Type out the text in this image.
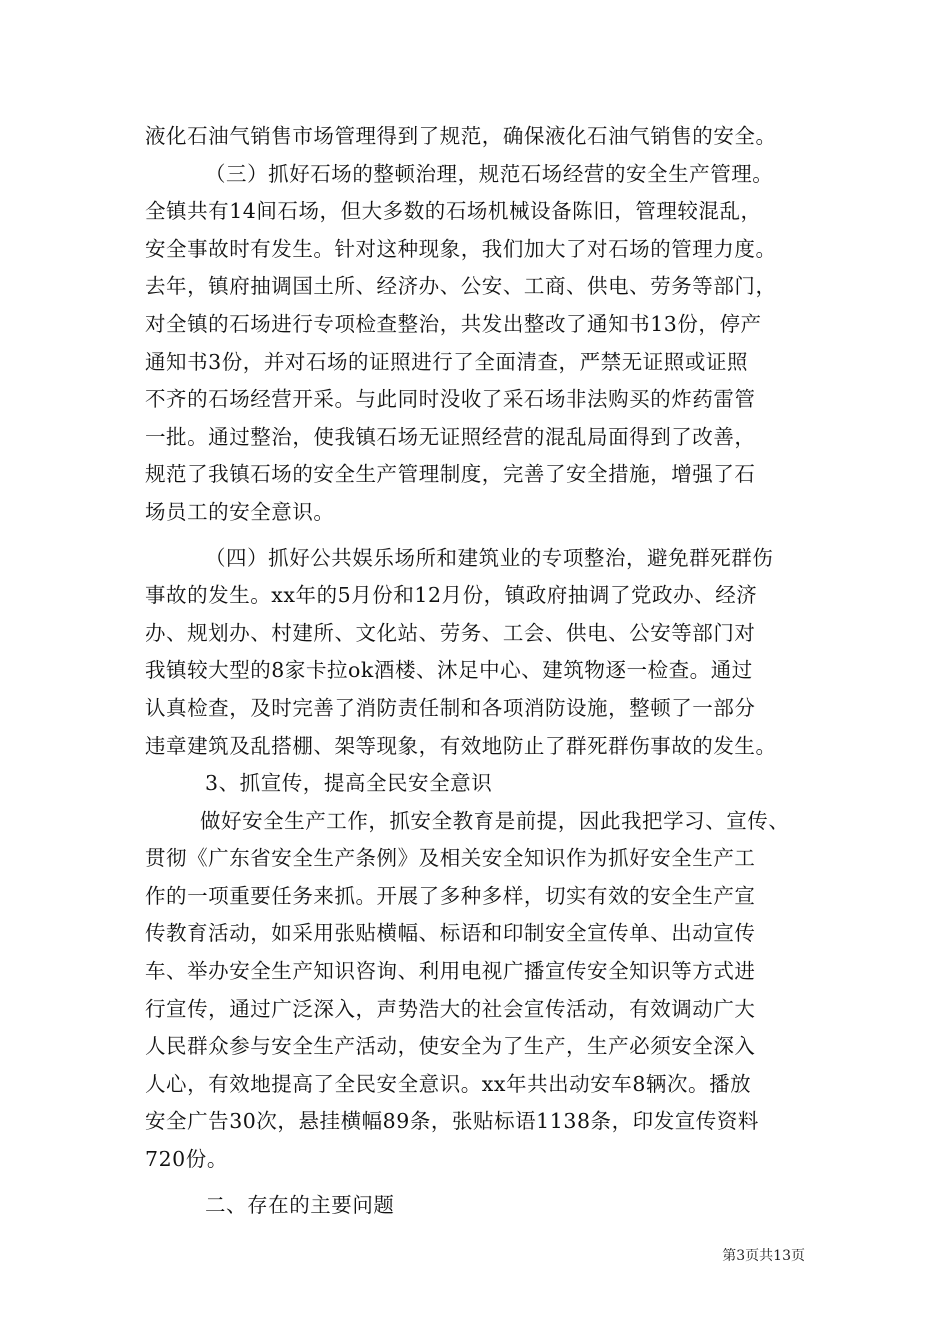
液化石油气销售市场管理得到了规范，确保液化石油气销售的安全。
（三）抓好石场的整顿治理，规范石场经营的安全生产管理。
全镇共有14间石场，但大多数的石场机械设备陈旧，管理较混乱，
安全事故时有发生。针对这种现象，我们加大了对石场的管理力度。
去年，镇府抽调国土所、经济办、公安、工商、供电、劳务等部门，
对全镇的石场进行专项检查整治，共发出整改了通知书13份，停产
通知书3份，并对石场的证照进行了全面清查，严禁无证照或证照
不齐的石场经营开采。与此同时没收了采石场非法购买的炸药雷管
一批。通过整治，使我镇石场无证照经营的混乱局面得到了改善，
规范了我镇石场的安全生产管理制度，完善了安全措施，增强了石
场员工的安全意识。
（四）抓好公共娱乐场所和建筑业的专项整治，避免群死群伤
事故的发生。xx年的5月份和12月份，镇政府抽调了党政办、经济
办、规划办、村建所、文化站、劳务、工会、供电、公安等部门对
我镇较大型的8家卡拉ok酒楼、沐足中心、建筑物逐一检查。通过
认真检查，及时完善了消防责任制和各项消防设施，整顿了一部分
违章建筑及乱搭棚、架等现象，有效地防止了群死群伤事故的发生。
3、抓宣传，提高全民安全意识
做好安全生产工作，抓安全教育是前提，因此我把学习、宣传、
贯彻《广东省安全生产条例》及相关安全知识作为抓好安全生产工
作的一项重要任务来抓。开展了多种多样，切实有效的安全生产宣
传教育活动，如采用张贴横幅、标语和印制安全宣传单、出动宣传
车、举办安全生产知识咨询、利用电视广播宣传安全知识等方式进
行宣传，通过广泛深入，声势浩大的社会宣传活动，有效调动广大
人民群众参与安全生产活动，使安全为了生产，生产必须安全深入
人心，有效地提高了全民安全意识。xx年共出动安车8辆次。播放
安全广告30次，悬挂横幅89条，张贴标语1138条，印发宣传资料
720份。
二、存在的主要问题
第3页共13页
